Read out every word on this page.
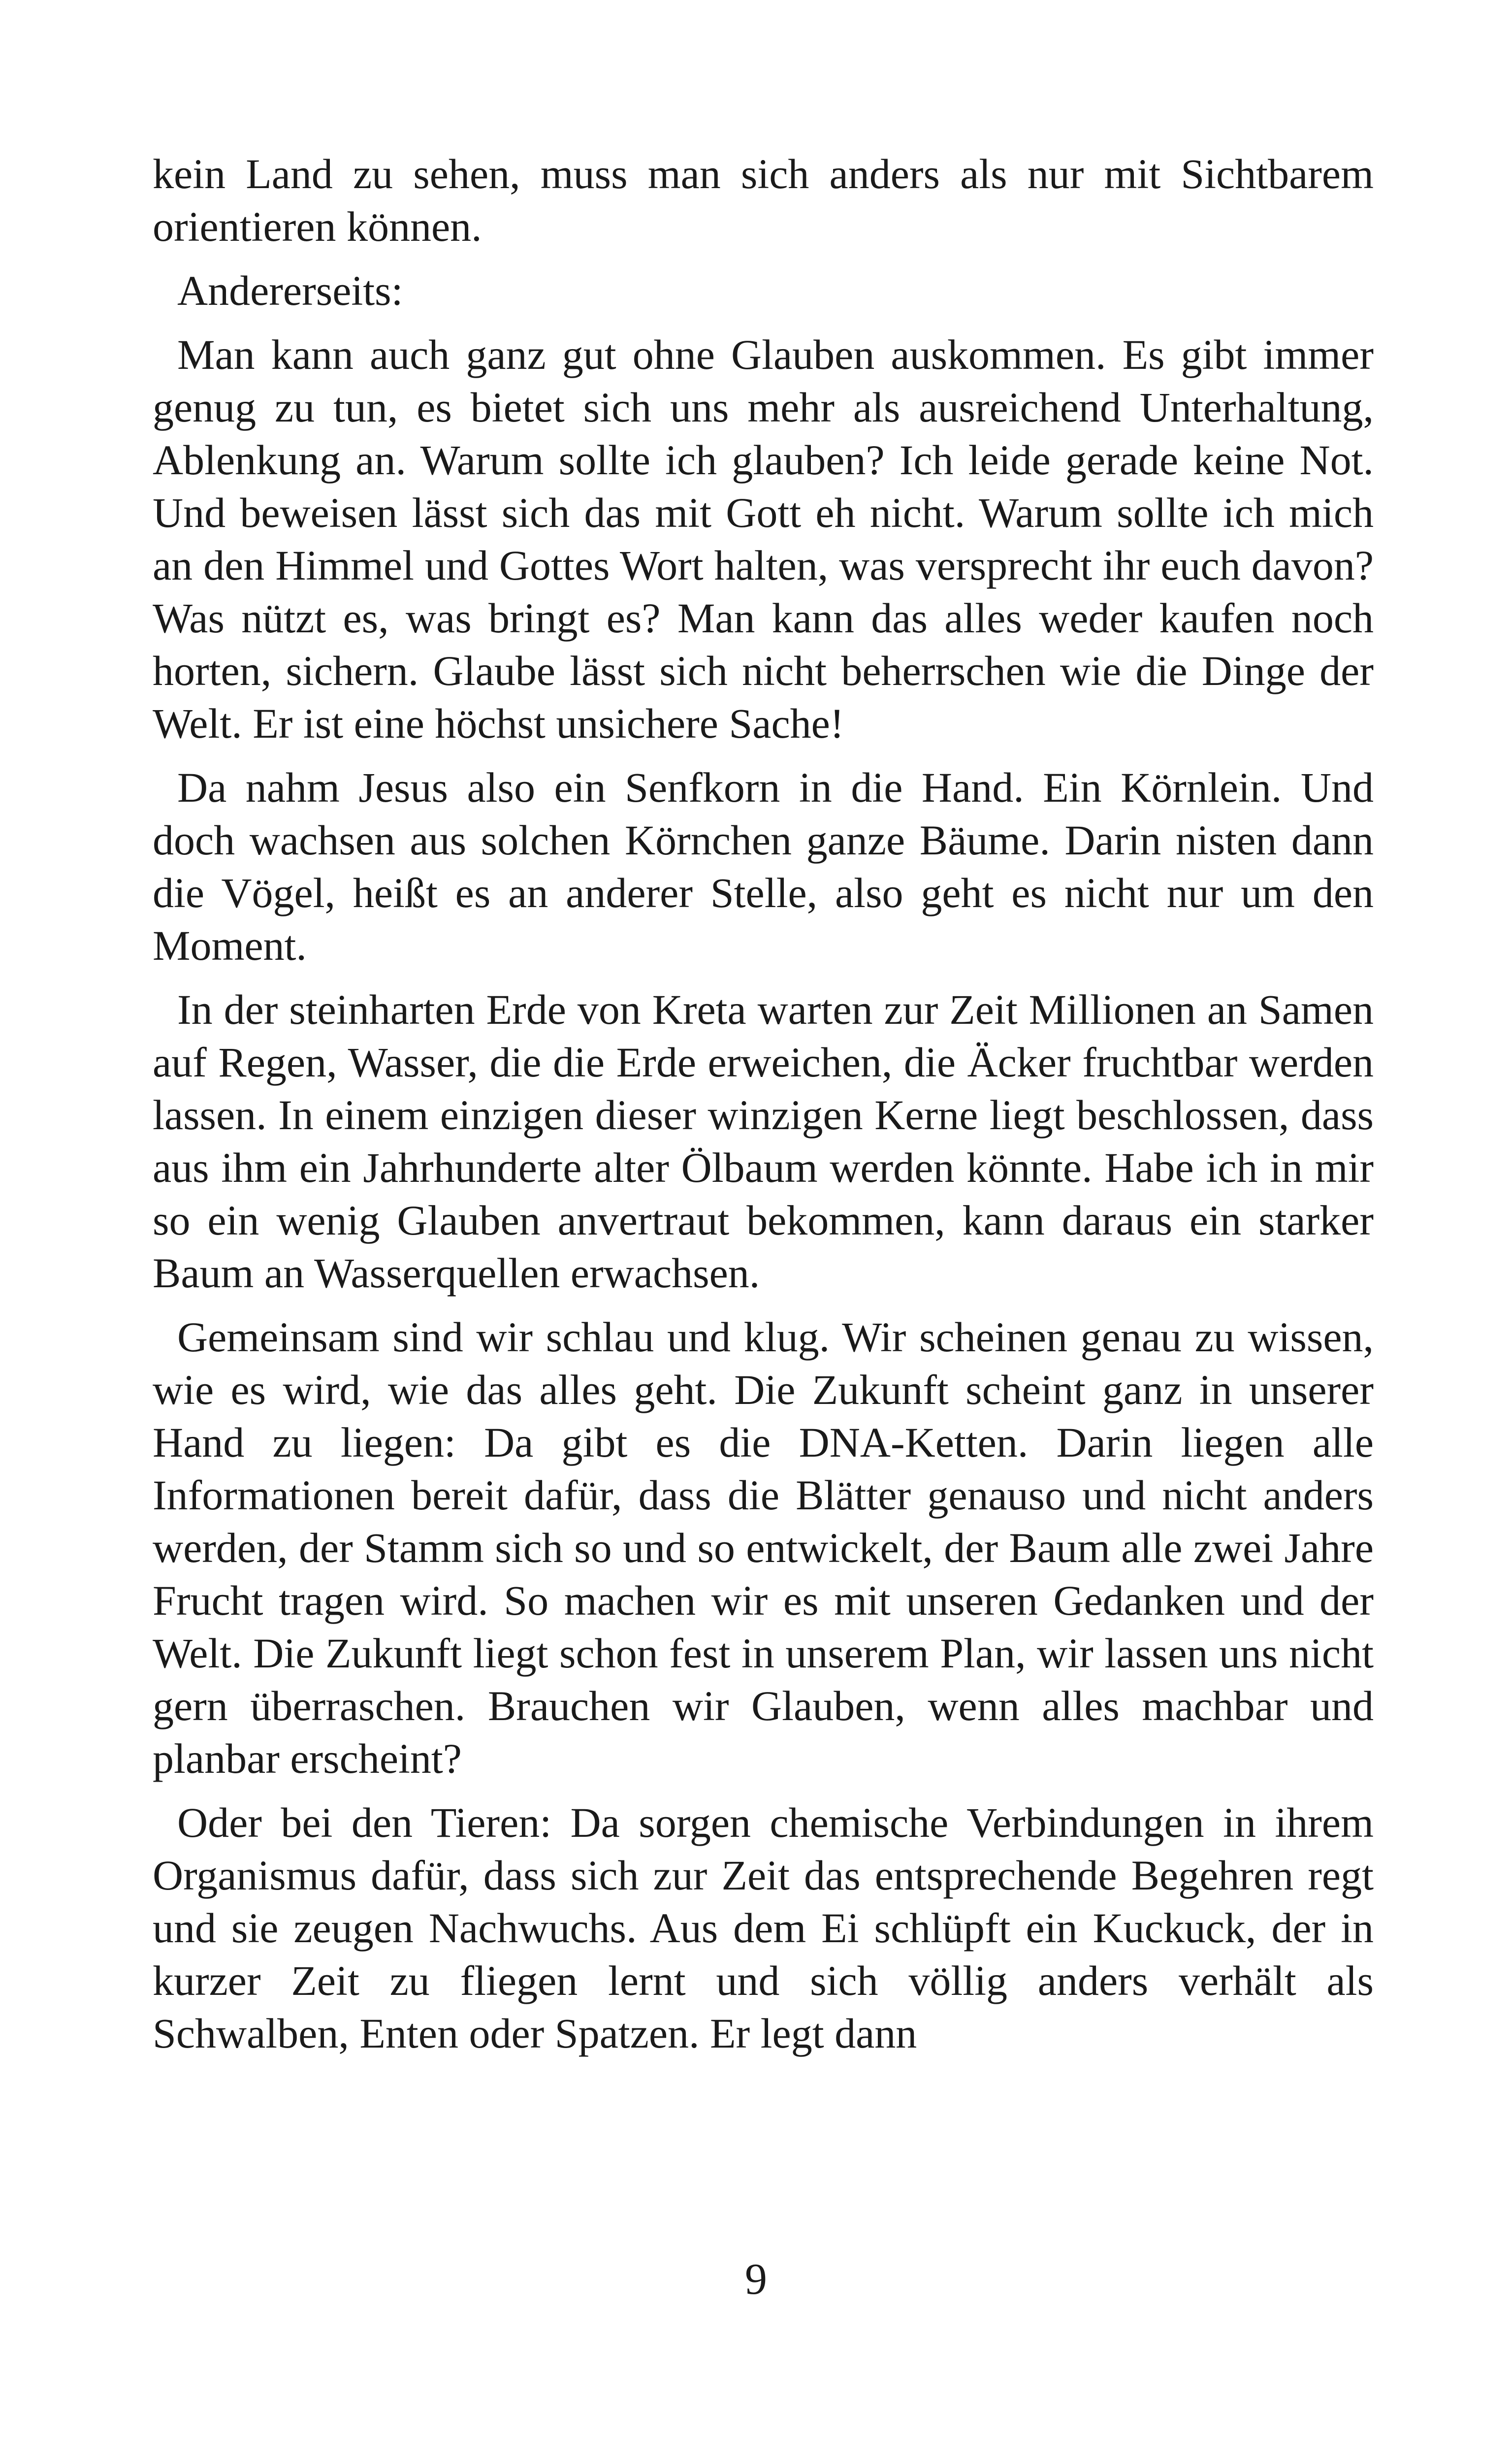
kein Land zu sehen, muss man sich anders als nur mit Sichtbarem orientieren können.

Andererseits:

Man kann auch ganz gut ohne Glauben auskommen. Es gibt immer genug zu tun, es bietet sich uns mehr als ausreichend Unterhaltung, Ablenkung an. Warum sollte ich glauben? Ich leide gerade keine Not. Und beweisen lässt sich das mit Gott eh nicht. Warum sollte ich mich an den Himmel und Gottes Wort halten, was versprecht ihr euch davon? Was nützt es, was bringt es? Man kann das alles weder kaufen noch horten, sichern. Glaube lässt sich nicht beherrschen wie die Dinge der Welt. Er ist eine höchst unsichere Sache!

Da nahm Jesus also ein Senfkorn in die Hand. Ein Körnlein. Und doch wachsen aus solchen Körnchen ganze Bäume. Darin nisten dann die Vögel, heißt es an anderer Stelle, also geht es nicht nur um den Moment.

In der steinharten Erde von Kreta warten zur Zeit Millionen an Samen auf Regen, Wasser, die die Erde erweichen, die Äcker fruchtbar werden lassen. In einem einzigen dieser winzigen Kerne liegt beschlossen, dass aus ihm ein Jahrhunderte alter Ölbaum werden könnte. Habe ich in mir so ein wenig Glauben anvertraut bekommen, kann daraus ein starker Baum an Wasserquellen erwachsen.

Gemeinsam sind wir schlau und klug. Wir scheinen genau zu wissen, wie es wird, wie das alles geht. Die Zukunft scheint ganz in unserer Hand zu liegen: Da gibt es die DNA-Ketten. Darin liegen alle Informationen bereit dafür, dass die Blätter genauso und nicht anders werden, der Stamm sich so und so entwickelt, der Baum alle zwei Jahre Frucht tragen wird. So machen wir es mit unseren Gedanken und der Welt. Die Zukunft liegt schon fest in unserem Plan, wir lassen uns nicht gern überraschen. Brauchen wir Glauben, wenn alles machbar und planbar erscheint?

Oder bei den Tieren: Da sorgen chemische Verbindungen in ihrem Organismus dafür, dass sich zur Zeit das entsprechende Begehren regt und sie zeugen Nachwuchs. Aus dem Ei schlüpft ein Kuckuck, der in kurzer Zeit zu fliegen lernt und sich völlig anders verhält als Schwalben, Enten oder Spatzen. Er legt dann

9
